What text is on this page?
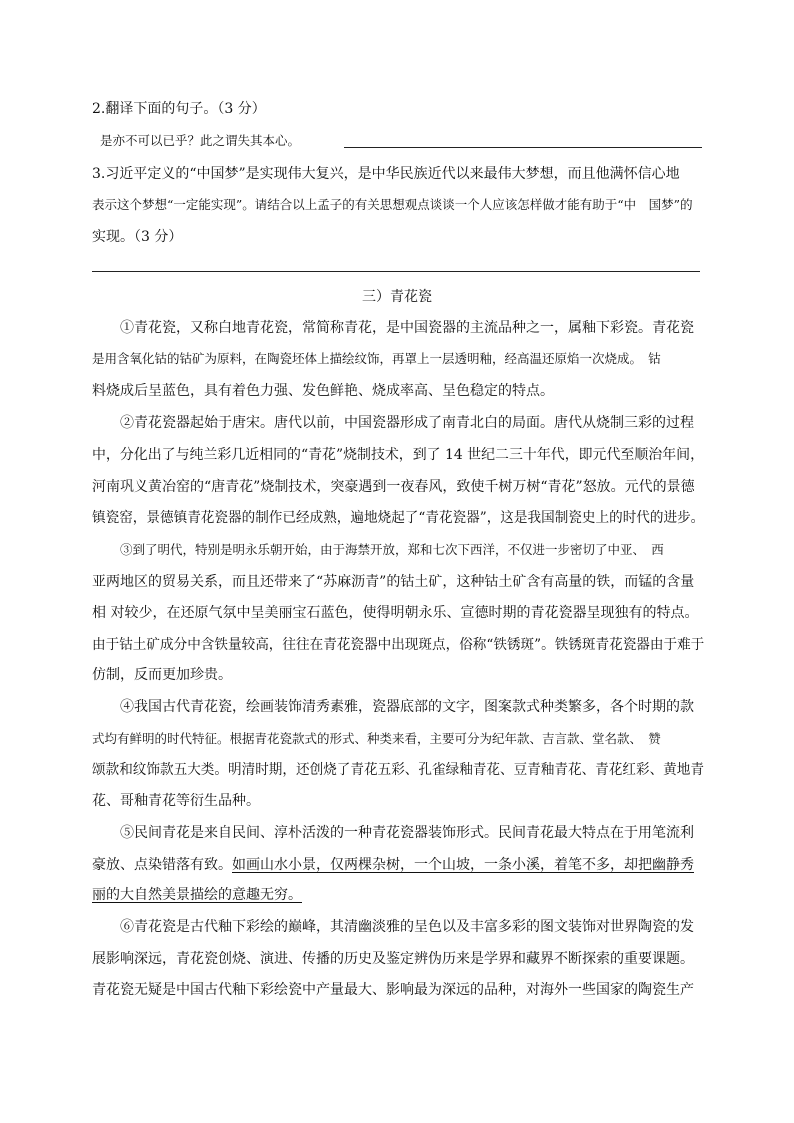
2.翻译下面的句子。（3 分）
是亦不可以已乎？此之谓失其本心。
3.习近平定义的“中国梦”是实现伟大复兴，是中华民族近代以来最伟大梦想，而且他满怀信心地
表示这个梦想“一定能实现”。请结合以上孟子的有关思想观点谈谈一个人应该怎样做才能有助于“中　国梦”的
实现。（3 分）
三）青花瓷
①青花瓷，又称白地青花瓷，常简称青花，是中国瓷器的主流品种之一，属釉下彩瓷。青花瓷
是用含氧化钴的钴矿为原料，在陶瓷坯体上描绘纹饰，再罩上一层透明釉，经高温还原焰一次烧成。　钴
料烧成后呈蓝色，具有着色力强、发色鲜艳、烧成率高、呈色稳定的特点。
②青花瓷器起始于唐宋。唐代以前，中国瓷器形成了南青北白的局面。唐代从烧制三彩的过程
中，分化出了与纯兰彩几近相同的“青花”烧制技术，到了 14 世纪二三十年代，即元代至顺治年间，
河南巩义黄冶窑的“唐青花”烧制技术，突豪遇到一夜春风，致使千树万树“青花”怒放。元代的景德
镇瓷窑，景德镇青花瓷器的制作已经成熟，遍地烧起了“青花瓷器”，这是我国制瓷史上的时代的进步。
③到了明代，特别是明永乐朝开始，由于海禁开放，郑和七次下西洋，不仅进一步密切了中亚、　西
亚两地区的贸易关系，而且还带来了“苏麻沥青”的钴土矿，这种钴土矿含有高量的铁，而锰的含量
相 对较少，在还原气氛中呈美丽宝石蓝色，使得明朝永乐、宣德时期的青花瓷器呈现独有的特点。
由于钴土矿成分中含铁量较高，往往在青花瓷器中出现斑点，俗称“铁锈斑”。铁锈斑青花瓷器由于难于
仿制，反而更加珍贵。
④我国古代青花瓷，绘画装饰清秀素雅，瓷器底部的文字，图案款式种类繁多，各个时期的款
式均有鲜明的时代特征。根据青花瓷款式的形式、种类来看，主要可分为纪年款、吉言款、堂名款、　赞
颂款和纹饰款五大类。明清时期，还创烧了青花五彩、孔雀绿釉青花、豆青釉青花、青花红彩、黄地青
花、哥釉青花等衍生品种。
⑤民间青花是来自民间、淳朴活泼的一种青花瓷器装饰形式。民间青花最大特点在于用笔流利
豪放、点染错落有致。如画山水小景，仅两棵杂树，一个山坡，一条小溪，着笔不多，却把幽静秀
丽的大自然美景描绘的意趣无穷。
⑥青花瓷是古代釉下彩绘的巅峰，其清幽淡雅的呈色以及丰富多彩的图文装饰对世界陶瓷的发
展影响深远，青花瓷创烧、演进、传播的历史及鉴定辨伪历来是学界和藏界不断探索的重要课题。
青花瓷无疑是中国古代釉下彩绘瓷中产量最大、影响最为深远的品种，对海外一些国家的陶瓷生产
